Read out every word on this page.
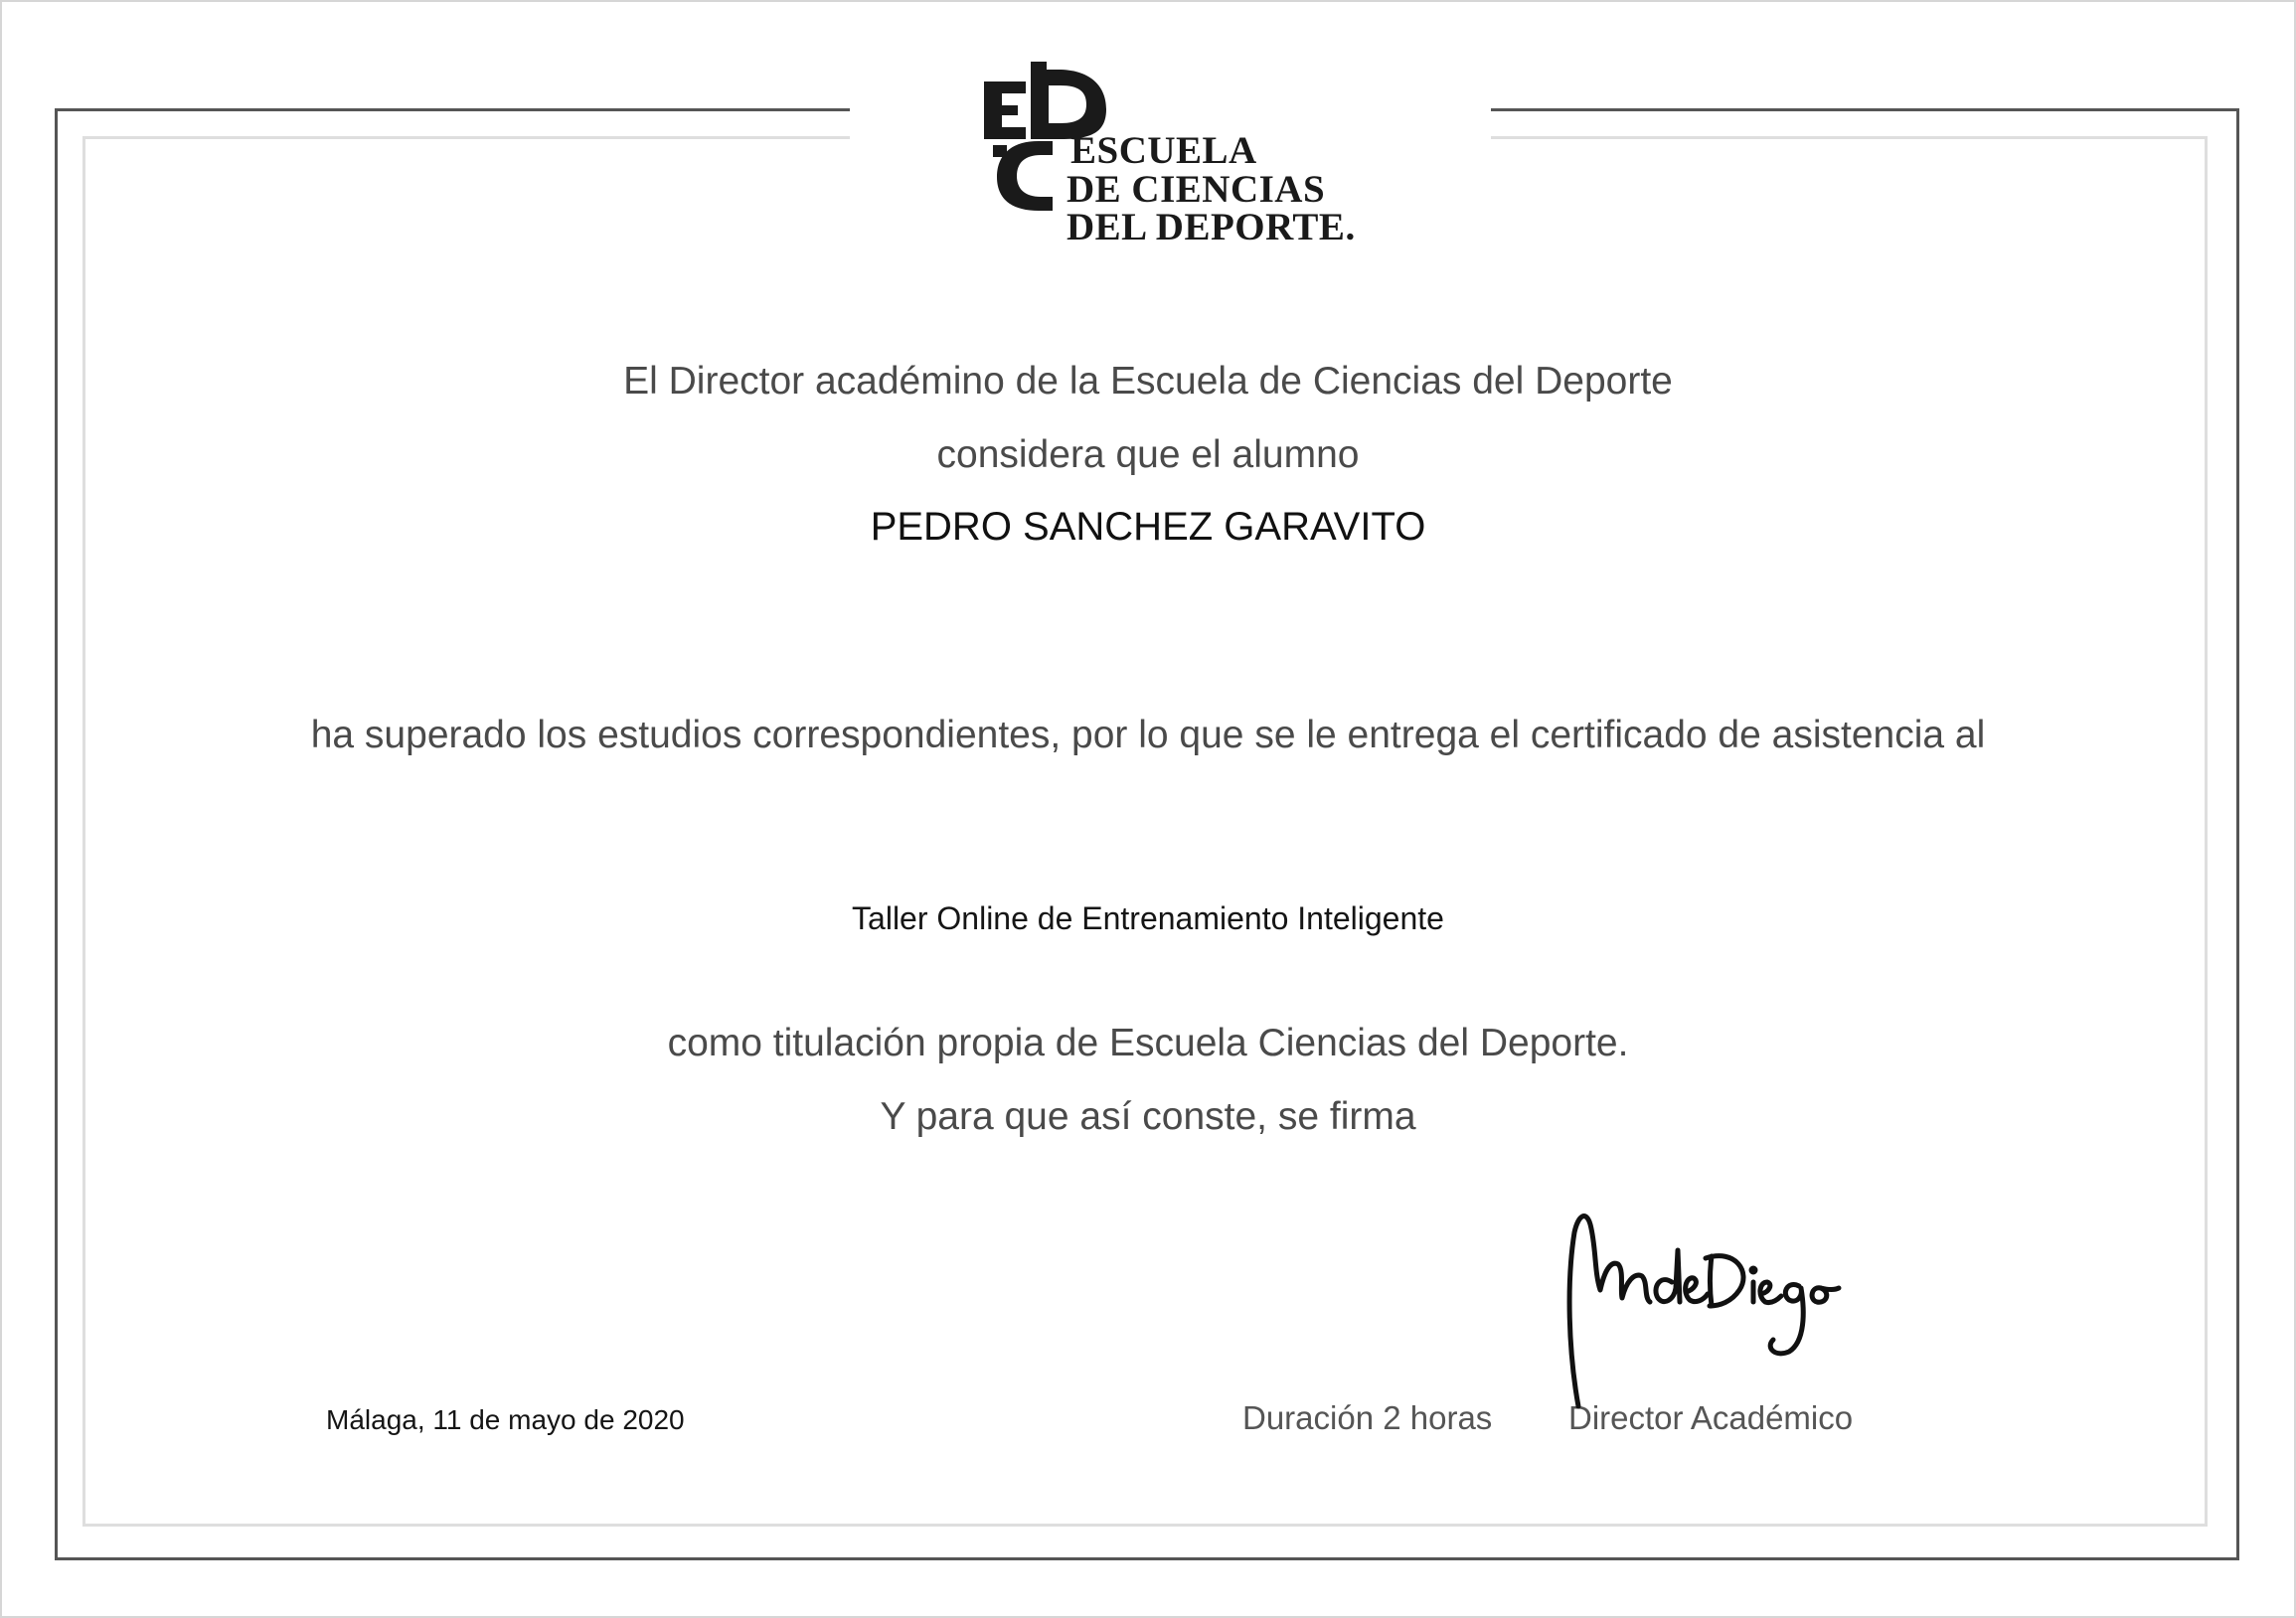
ESCUELA
DE CIENCIAS
DEL DEPORTE.
El Director académino de la Escuela de Ciencias del Deporte
considera que el alumno
PEDRO SANCHEZ GARAVITO
ha superado los estudios correspondientes, por lo que se le entrega el certificado de asistencia al
Taller Online de Entrenamiento Inteligente
como titulación propia de Escuela Ciencias del Deporte.
Y para que así conste, se firma
Málaga, 11 de mayo de 2020	Duración 2 horas Director Académico
